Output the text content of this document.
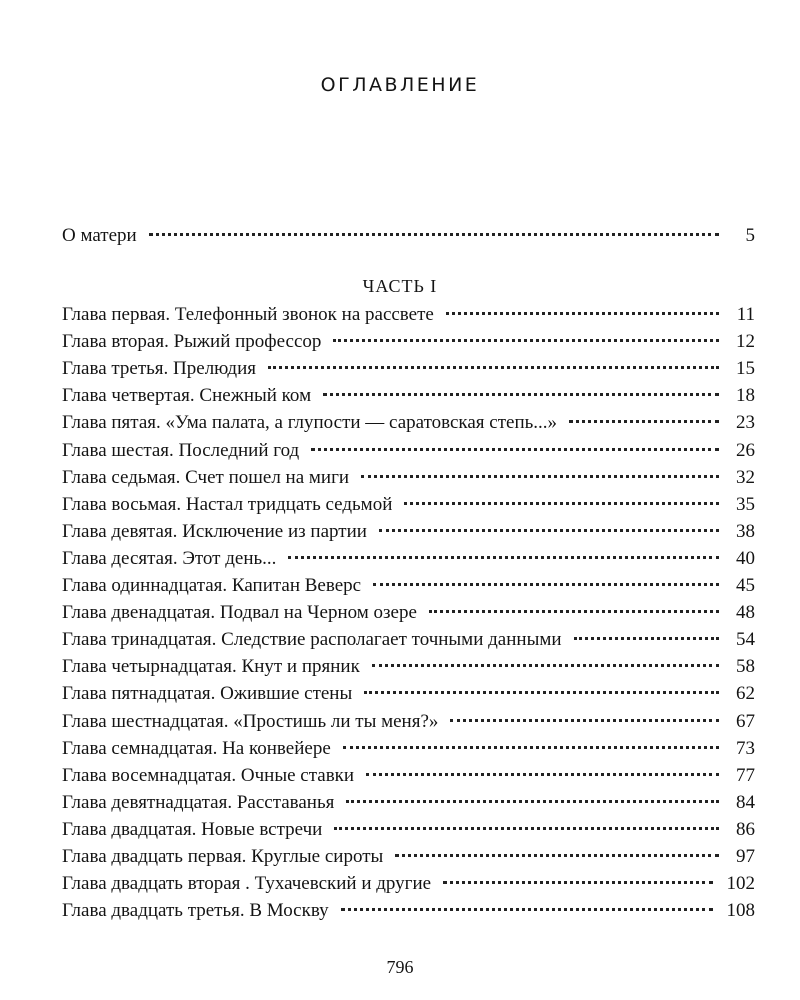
ОГЛАВЛЕНИЕ
О матери	5
ЧАСТЬ I
Глава первая. Телефонный звонок на рассвете	11
Глава вторая. Рыжий профессор	12
Глава третья. Прелюдия	15
Глава четвертая. Снежный ком	18
Глава пятая. «Ума палата, а глупости — саратовская степь...»	23
Глава шестая. Последний год	26
Глава седьмая. Счет пошел на миги	32
Глава восьмая. Настал тридцать седьмой	35
Глава девятая. Исключение из партии	38
Глава десятая. Этот день...	40
Глава одиннадцатая. Капитан Веверс	45
Глава двенадцатая. Подвал на Черном озере	48
Глава тринадцатая. Следствие располагает точными данными	54
Глава четырнадцатая. Кнут и пряник	58
Глава пятнадцатая. Ожившие стены	62
Глава шестнадцатая. «Простишь ли ты меня?»	67
Глава семнадцатая. На конвейере	73
Глава восемнадцатая. Очные ставки	77
Глава девятнадцатая. Расставанья	84
Глава двадцатая. Новые встречи	86
Глава двадцать первая. Круглые сироты	97
Глава двадцать вторая . Тухачевский и другие	102
Глава двадцать третья. В Москву	108
796
